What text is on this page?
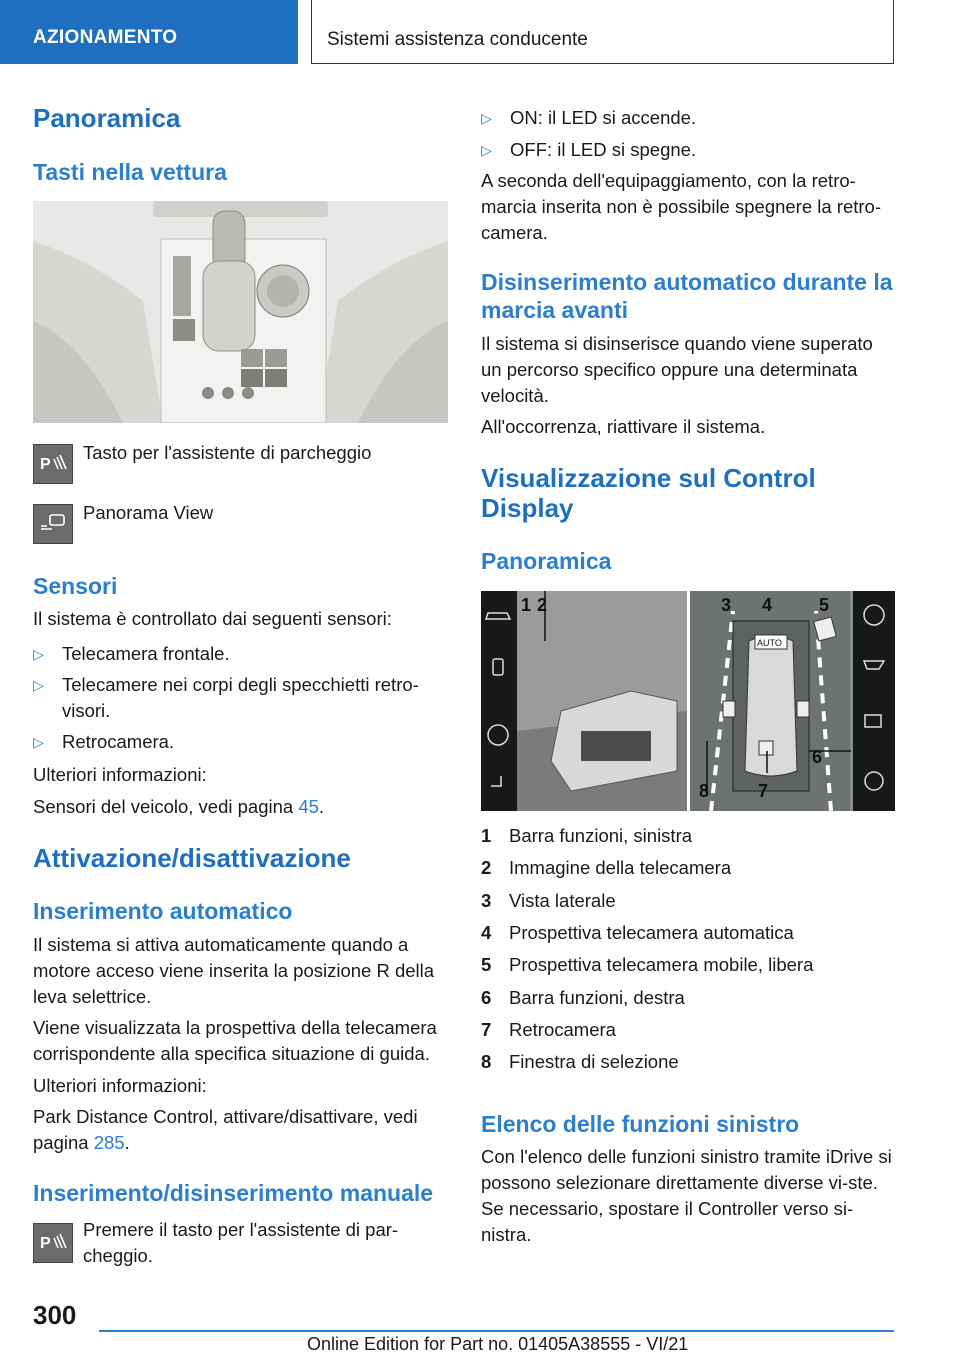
AZIONAMENTO	Sistemi assistenza conducente
Panoramica
Tasti nella vettura
P

Tasto per l'assistente di parcheggio

Panorama View

Sensori

Il sistema è controllato dai seguenti sensori:

▷ Telecamera frontale.
▷ Telecamere nei corpi degli specchietti retro-visori.
▷ Retrocamera.

Ulteriori informazioni:

Sensori del veicolo, vedi pagina 45.

Attivazione/disattivazione
Inserimento automatico

Il sistema si attiva automaticamente quando a motore acceso viene inserita la posizione R della leva selettrice.

Viene visualizzata la prospettiva della telecamera corrispondente alla specifica situazione di guida.

Ulteriori informazioni:

Park Distance Control, attivare/disattivare, vedi pagina 285.

Inserimento/disinserimento manuale
P

Premere il tasto per l'assistente di par-cheggio.

▷ ON: il LED si accende.
▷ OFF: il LED si spegne.

A seconda dell'equipaggiamento, con la retro-marcia inserita non è possibile spegnere la retro-camera.

Disinserimento automatico durante la marcia avanti

Il sistema si disinserisce quando viene superato un percorso specifico oppure una determinata velocità.

All'occorrenza, riattivare il sistema.

Visualizzazione sul Control Display
Panoramica
AUTO
1 2	3 4	5
6
7
8
1 Barra funzioni, sinistra
2 Immagine della telecamera
3 Vista laterale
4 Prospettiva telecamera automatica
5 Prospettiva telecamera mobile, libera
6 Barra funzioni, destra
7 Retrocamera
8 Finestra di selezione
Elenco delle funzioni sinistro

Con l'elenco delle funzioni sinistro tramite iDrive si possono selezionare direttamente diverse vi-ste. Se necessario, spostare il Controller verso si-nistra.

300
Online Edition for Part no. 01405A38555 - VI/21
